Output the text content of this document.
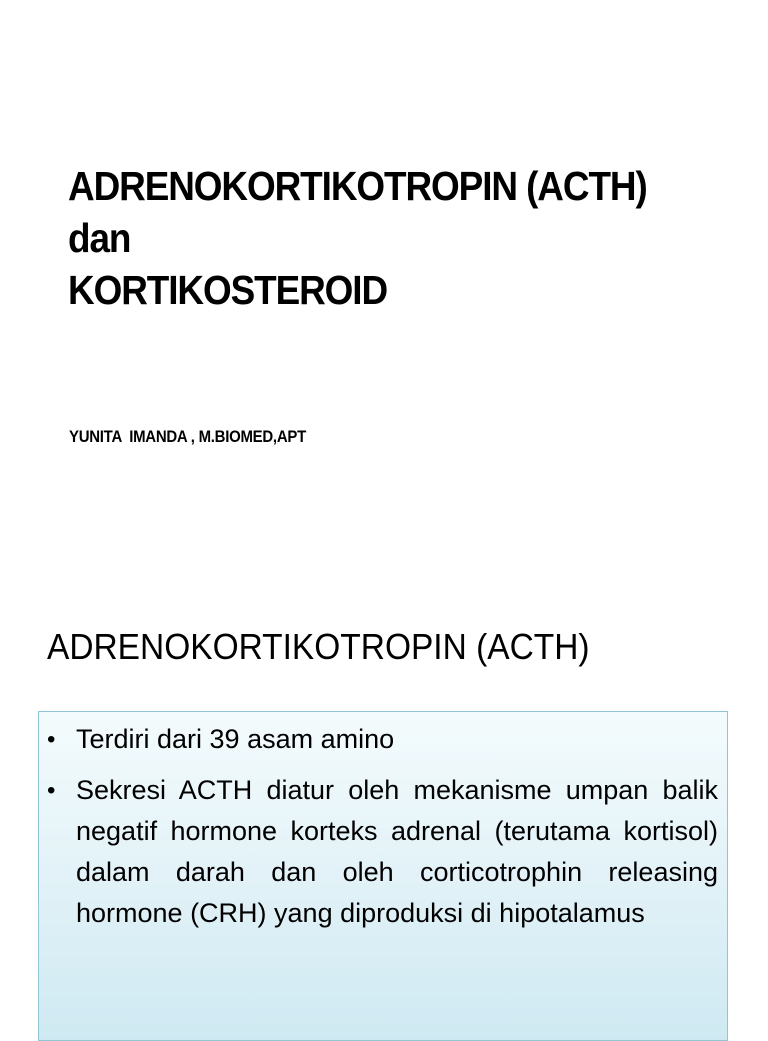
ADRENOKORTIKOTROPIN (ACTH)
dan
KORTIKOSTEROID
YUNITA  IMANDA , M.BIOMED,APT
ADRENOKORTIKOTROPIN (ACTH)
• Terdiri dari 39 asam amino
• Sekresi ACTH diatur oleh mekanisme umpan balik negatif hormone korteks adrenal (terutama kortisol) dalam darah dan oleh corticotrophin releasing hormone (CRH) yang diproduksi di hipotalamus
